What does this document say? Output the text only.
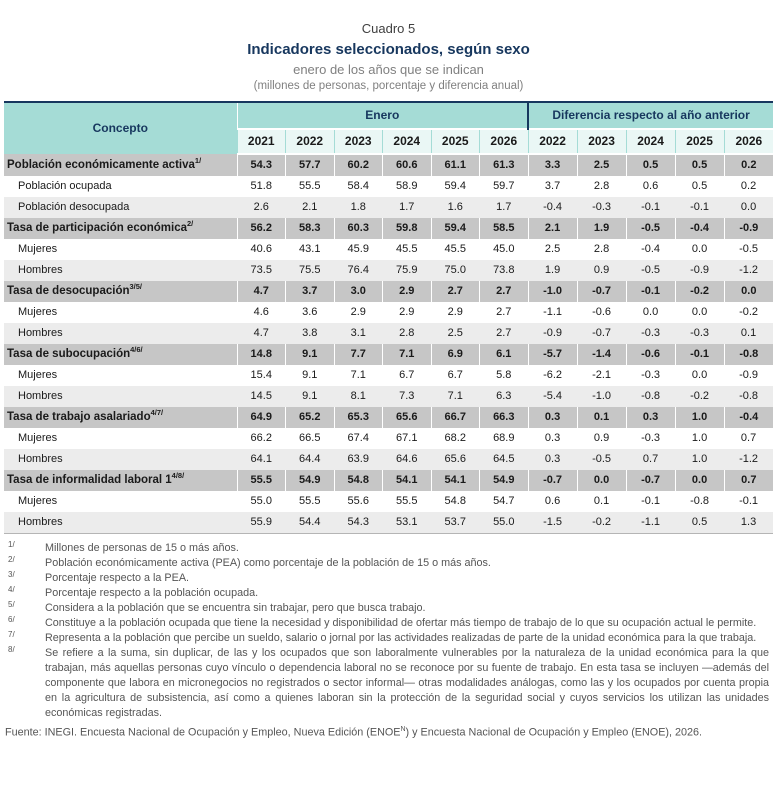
Cuadro 5
Indicadores seleccionados, según sexo
enero de los años que se indican
(millones de personas, porcentaje y diferencia anual)
Concepto	Enero						Diferencia respecto al año anterior				
	2021	2022	2023	2024	2025	2026	2022	2023	2024	2025	2026
Población económicamente activa$^{1/}$	54.3	57.7	60.2	60.6	61.1	61.3	3.3	2.5	0.5	0.5	0.2
Población ocupada	51.8	55.5	58.4	58.9	59.4	59.7	3.7	2.8	0.6	0.5	0.2
Población desocupada	2.6	2.1	1.8	1.7	1.6	1.7	-0.4	-0.3	-0.1	-0.1	0.0
Tasa de participación económica$^{2/}$	56.2	58.3	60.3	59.8	59.4	58.5	2.1	1.9	-0.5	-0.4	-0.9
Mujeres	40.6	43.1	45.9	45.5	45.5	45.0	2.5	2.8	-0.4	0.0	-0.5
Hombres	73.5	75.5	76.4	75.9	75.0	73.8	1.9	0.9	-0.5	-0.9	-1.2
Tasa de desocupación$^{3/5/}$	4.7	3.7	3.0	2.9	2.7	2.7	-1.0	-0.7	-0.1	-0.2	0.0
Mujeres	4.6	3.6	2.9	2.9	2.9	2.7	-1.1	-0.6	0.0	0.0	-0.2
Hombres	4.7	3.8	3.1	2.8	2.5	2.7	-0.9	-0.7	-0.3	-0.3	0.1
Tasa de subocupación$^{4/6/}$	14.8	9.1	7.7	7.1	6.9	6.1	-5.7	-1.4	-0.6	-0.1	-0.8
Mujeres	15.4	9.1	7.1	6.7	6.7	5.8	-6.2	-2.1	-0.3	0.0	-0.9
Hombres	14.5	9.1	8.1	7.3	7.1	6.3	-5.4	-1.0	-0.8	-0.2	-0.8
Tasa de trabajo asalariado$^{4/7/}$	64.9	65.2	65.3	65.6	66.7	66.3	0.3	0.1	0.3	1.0	-0.4
Mujeres	66.2	66.5	67.4	67.1	68.2	68.9	0.3	0.9	-0.3	1.0	0.7
Hombres	64.1	64.4	63.9	64.6	65.6	64.5	0.3	-0.5	0.7	1.0	-1.2
Tasa de informalidad laboral 1$^{4/8/}$	55.5	54.9	54.8	54.1	54.1	54.9	-0.7	0.0	-0.7	0.0	0.7
Mujeres	55.0	55.5	55.6	55.5	54.8	54.7	0.6	0.1	-0.1	-0.8	-0.1
Hombres	55.9	54.4	54.3	53.1	53.7	55.0	-1.5	-0.2	-1.1	0.5	1.3
1/	Millones de personas de 15 o más años.
2/	Población económicamente activa (PEA) como porcentaje de la población de 15 o más años.
3/	Porcentaje respecto a la PEA.
4/	Porcentaje respecto a la población ocupada.
5/	Considera a la población que se encuentra sin trabajar, pero que busca trabajo.
6/	Constituye a la población ocupada que tiene la necesidad y disponibilidad de ofertar más tiempo de trabajo de lo que su ocupación actual le permite.
7/	Representa a la población que percibe un sueldo, salario o jornal por las actividades realizadas de parte de la unidad económica para la que trabaja.
8/	Se refiere a la suma, sin duplicar, de las y los ocupados que son laboralmente vulnerables por la naturaleza de la unidad económica para la que trabajan, más aquellas personas cuyo vínculo o dependencia laboral no se reconoce por su fuente de trabajo. En esta tasa se incluyen —además del componente que labora en micronegocios no registrados o sector informal— otras modalidades análogas, como las y los ocupados por cuenta propia en la agricultura de subsistencia, así como a quienes laboran sin la protección de la seguridad social y cuyos servicios los utilizan las unidades económicas registradas.
Fuente: INEGI. Encuesta Nacional de Ocupación y Empleo, Nueva Edición $(ENOE^N)$ y Encuesta Nacional de Ocupación y Empleo (ENOE), 2026.
